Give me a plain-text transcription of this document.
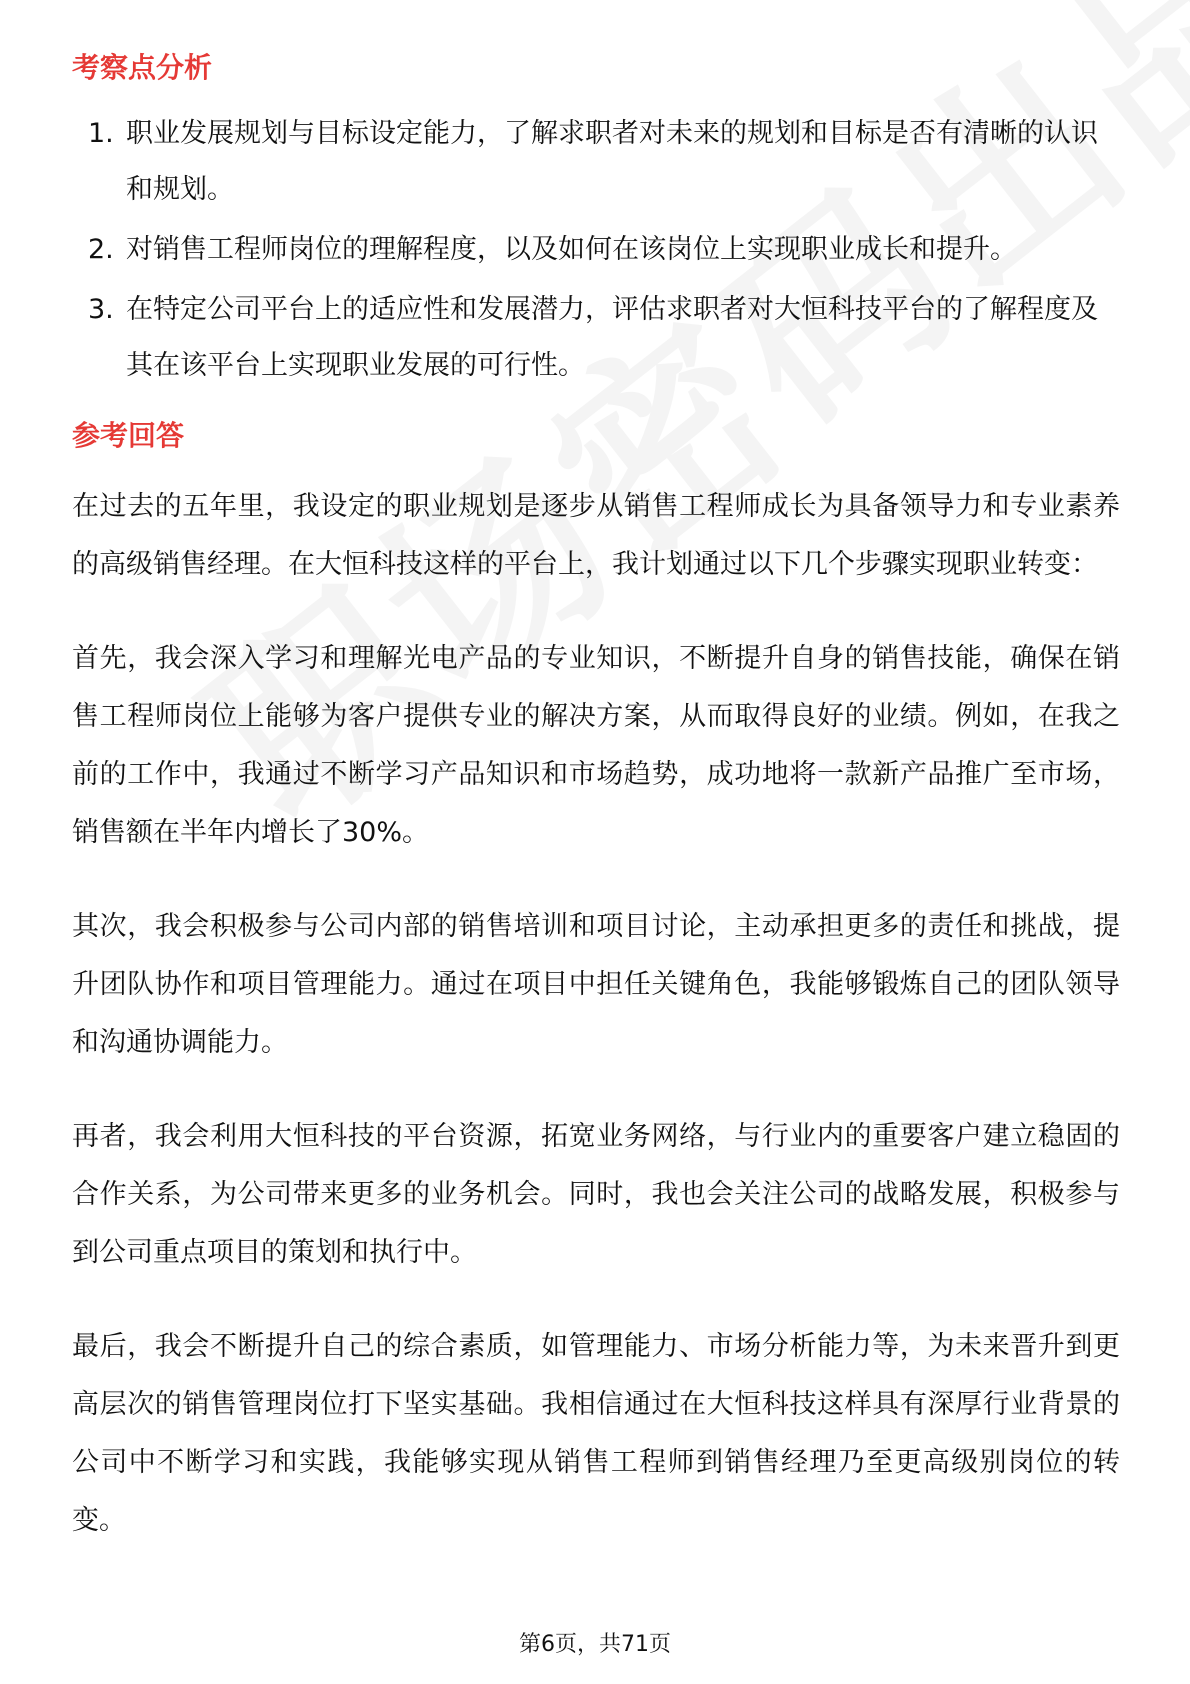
考察点分析
1. 职业发展规划与目标设定能力，了解求职者对未来的规划和目标是否有清晰的认识和规划。
2. 对销售工程师岗位的理解程度，以及如何在该岗位上实现职业成长和提升。
3. 在特定公司平台上的适应性和发展潜力，评估求职者对大恒科技平台的了解程度及其在该平台上实现职业发展的可行性。
参考回答

在过去的五年里，我设定的职业规划是逐步从销售工程师成长为具备领导力和专业素养的高级销售经理。在大恒科技这样的平台上，我计划通过以下几个步骤实现职业转变：

首先，我会深入学习和理解光电产品的专业知识，不断提升自身的销售技能，确保在销售工程师岗位上能够为客户提供专业的解决方案，从而取得良好的业绩。例如，在我之前的工作中，我通过不断学习产品知识和市场趋势，成功地将一款新产品推广至市场，销售额在半年内增长了30%。

其次，我会积极参与公司内部的销售培训和项目讨论，主动承担更多的责任和挑战，提升团队协作和项目管理能力。通过在项目中担任关键角色，我能够锻炼自己的团队领导和沟通协调能力。

再者，我会利用大恒科技的平台资源，拓宽业务网络，与行业内的重要客户建立稳固的合作关系，为公司带来更多的业务机会。同时，我也会关注公司的战略发展，积极参与到公司重点项目的策划和执行中。

最后，我会不断提升自己的综合素质，如管理能力、市场分析能力等，为未来晋升到更高层次的销售管理岗位打下坚实基础。我相信通过在大恒科技这样具有深厚行业背景的公司中不断学习和实践，我能够实现从销售工程师到销售经理乃至更高级别岗位的转变。

第6页，共71页
